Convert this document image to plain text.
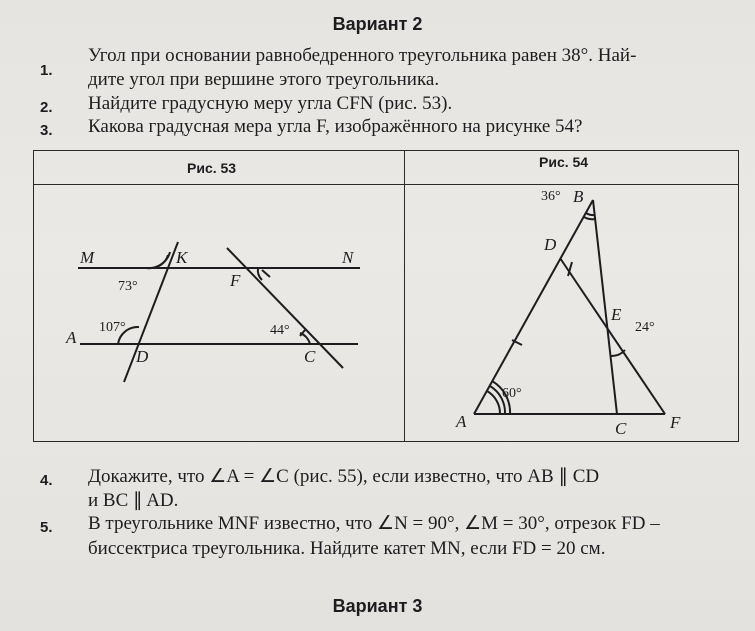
Вариант 2
1.
Угол при основании равнобедренного треугольника равен 38°. Най-
дите угол при вершине этого треугольника.
2. Найдите градусную меру угла CFN (рис. 53).
3. Какова градусная мера угла F, изображённого на рисунке 54?
Рис. 53	Рис. 54
M	K	N
F
A
D	C
73°
107°	44°
36° B
D
E
24°
60°
A	C	F
4. Докажите, что ∠A = ∠C (рис. 55), если известно, что AB ∥ CD
и BC ∥ AD.
5. В треугольнике MNF известно, что ∠N = 90°, ∠M = 30°, отрезок FD –
биссектриса треугольника. Найдите катет MN, если FD = 20 см.
Вариант 3
